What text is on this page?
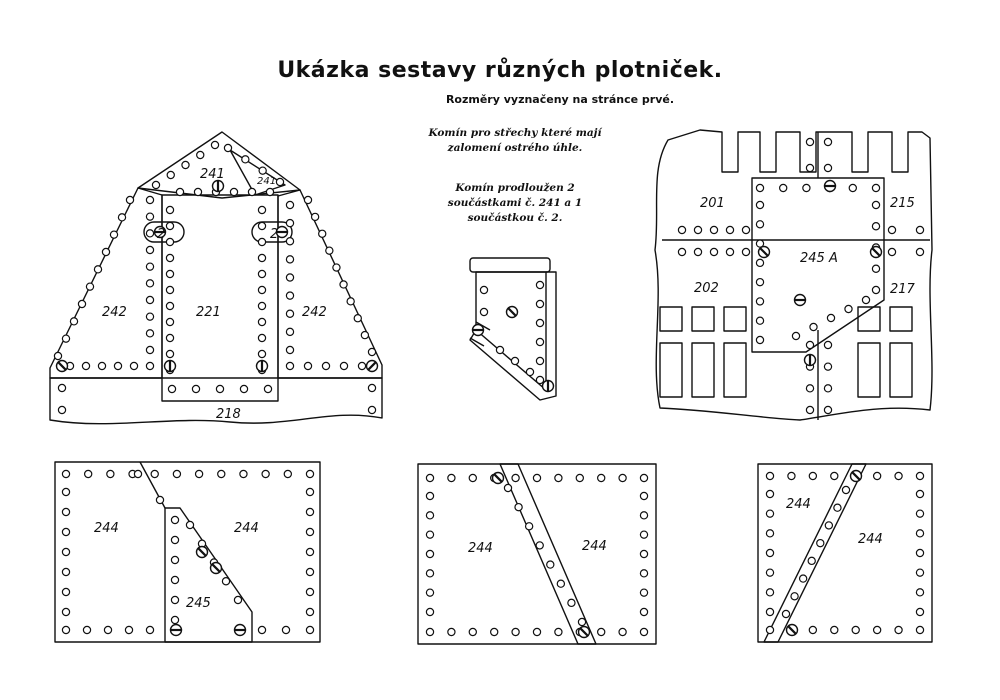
Ukázka sestavy různých plotniček.
Rozměry vyznačeny na stránce prvé.
Komín pro střechy které mají zalomení ostrého úhle.
Komín prodloužen 2 součástkami č. 241 a 1 součástkou č. 2.
241	241
2	2
242	221	242
218
201	215
245 A
202	217
244	244
245
244	244
244
244
